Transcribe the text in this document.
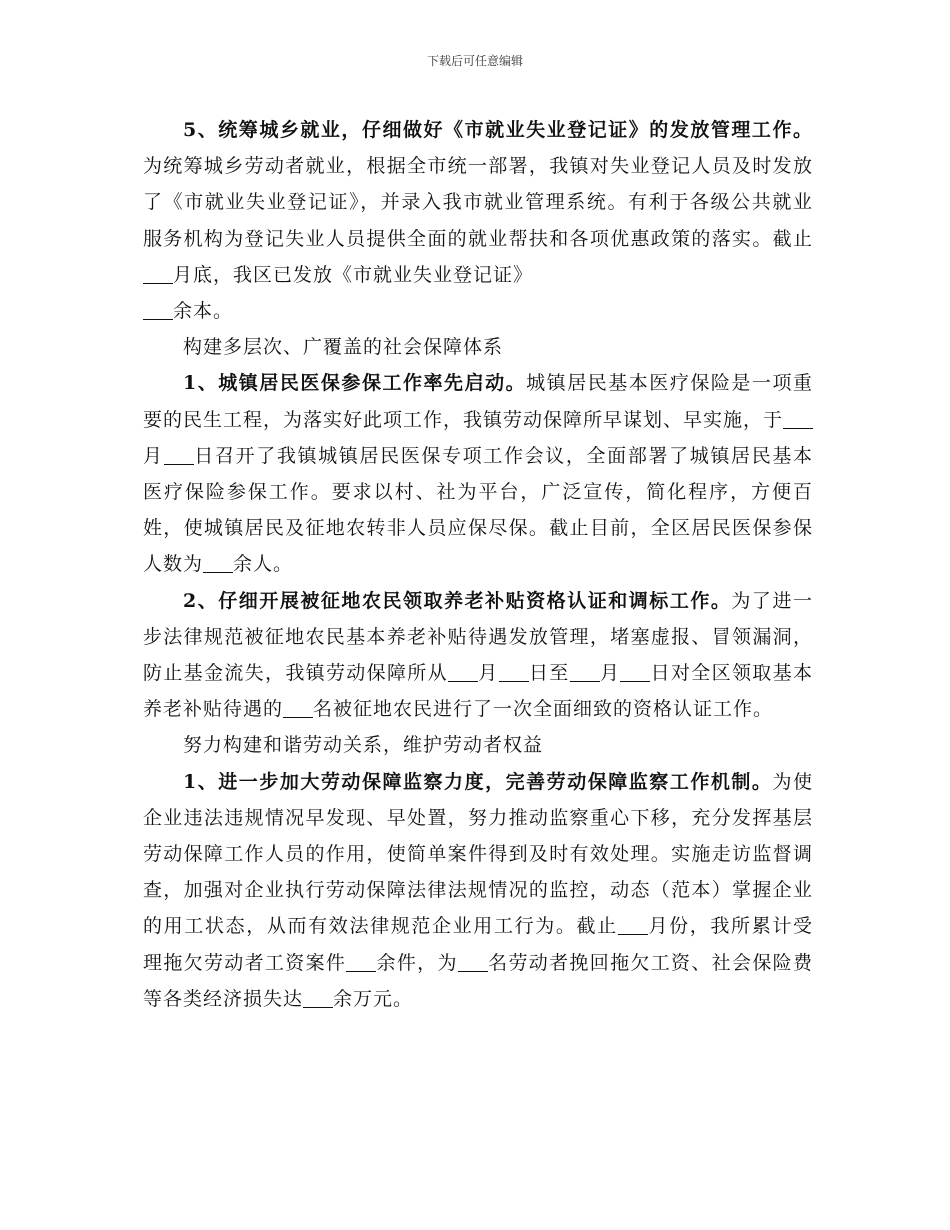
下载后可任意编辑

5、统筹城乡就业，仔细做好《市就业失业登记证》的发放管理工作。为统筹城乡劳动者就业，根据全市统一部署，我镇对失业登记人员及时发放了《市就业失业登记证》，并录入我市就业管理系统。有利于各级公共就业服务机构为登记失业人员提供全面的就业帮扶和各项优惠政策的落实。截止月底，我区已发放《市就业失业登记证》
余本。

构建多层次、广覆盖的社会保障体系

1、城镇居民医保参保工作率先启动。城镇居民基本医疗保险是一项重要的民生工程，为落实好此项工作，我镇劳动保障所早谋划、早实施，于月 日召开了我镇城镇居民医保专项工作会议，全面部署了城镇居民基本医疗保险参保工作。要求以村、社为平台，广泛宣传，简化程序，方便百姓，使城镇居民及征地农转非人员应保尽保。截止目前，全区居民医保参保人数为 余人。

2、仔细开展被征地农民领取养老补贴资格认证和调标工作。为了进一步法律规范被征地农民基本养老补贴待遇发放管理，堵塞虚报、冒领漏洞，防止基金流失，我镇劳动保障所从 月 日至 月 日对全区领取基本养老补贴待遇的 名被征地农民进行了一次全面细致的资格认证工作。

努力构建和谐劳动关系，维护劳动者权益

1、进一步加大劳动保障监察力度，完善劳动保障监察工作机制。为使企业违法违规情况早发现、早处置，努力推动监察重心下移，充分发挥基层劳动保障工作人员的作用，使简单案件得到及时有效处理。实施走访监督调查，加强对企业执行劳动保障法律法规情况的监控，动态（范本）掌握企业的用工状态，从而有效法律规范企业用工行为。截止 月份，我所累计受理拖欠劳动者工资案件 余件，为 名劳动者挽回拖欠工资、社会保险费等各类经济损失达 余万元。
